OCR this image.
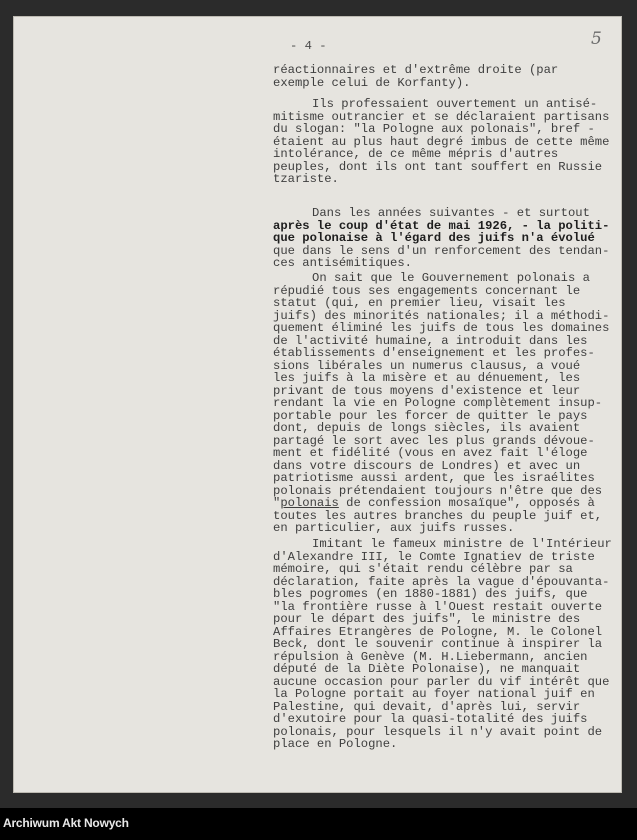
- 4 -	5
réactionnaires et d'extrême droite (par
exemple celui de Korfanty).
Ils professaient ouvertement un antisé-
mitisme outrancier et se déclaraient partisans
du slogan: "la Pologne aux polonais", bref -
étaient au plus haut degré imbus de cette même
intolérance, de ce même mépris d'autres
peuples, dont ils ont tant souffert en Russie
tzariste.
Dans les années suivantes - et surtout
après le coup d'état de mai 1926, - la politi-
que polonaise à l'égard des juifs n'a évolué
que dans le sens d'un renforcement des tendan-
ces antisémitiques.
On sait que le Gouvernement polonais a
répudié tous ses engagements concernant le
statut (qui, en premier lieu, visait les
juifs) des minorités nationales; il a méthodi-
quement éliminé les juifs de tous les domaines
de l'activité humaine, a introduit dans les
établissements d'enseignement et les profes-
sions libérales un numerus clausus, a voué
les juifs à la misère et au dénuement, les
privant de tous moyens d'existence et leur
rendant la vie en Pologne complètement insup-
portable pour les forcer de quitter le pays
dont, depuis de longs siècles, ils avaient
partagé le sort avec les plus grands dévoue-
ment et fidélité (vous en avez fait l'éloge
dans votre discours de Londres) et avec un
patriotisme aussi ardent, que les israélites
polonais prétendaient toujours n'être que des
"polonais de confession mosaïque", opposés à
toutes les autres branches du peuple juif et,
en particulier, aux juifs russes.
Imitant le fameux ministre de l'Intérieur
d'Alexandre III, le Comte Ignatiev de triste
mémoire, qui s'était rendu célèbre par sa
déclaration, faite après la vague d'épouvanta-
bles pogromes (en 1880-1881) des juifs, que
"la frontière russe à l'Ouest restait ouverte
pour le départ des juifs", le ministre des
Affaires Etrangères de Pologne, M. le Colonel
Beck, dont le souvenir continue à inspirer la
répulsion à Genève (M. H.Liebermann, ancien
député de la Diète Polonaise), ne manquait
aucune occasion pour parler du vif intérêt que
la Pologne portait au foyer national juif en
Palestine, qui devait, d'après lui, servir
d'exutoire pour la quasi-totalité des juifs
polonais, pour lesquels il n'y avait point de
place en Pologne.
Archiwum Akt Nowych
